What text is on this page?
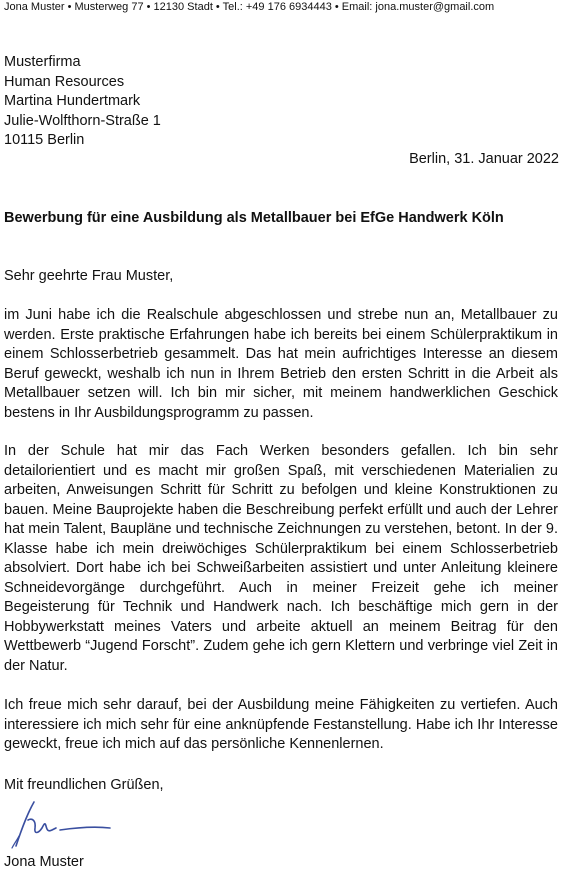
Jona Muster • Musterweg 77 • 12130 Stadt • Tel.: +49 176 6934443 • Email: jona.muster@gmail.com
Musterfirma
Human Resources
Martina Hundertmark
Julie-Wolfthorn-Straße 1
10115 Berlin
Berlin, 31. Januar 2022
Bewerbung für eine Ausbildung als Metallbauer bei EfGe Handwerk Köln
Sehr geehrte Frau Muster,

im Juni habe ich die Realschule abgeschlossen und strebe nun an, Metallbauer zu werden. Erste praktische Erfahrungen habe ich bereits bei einem Schülerpraktikum in einem Schlosserbetrieb gesammelt. Das hat mein aufrichtiges Interesse an diesem Beruf geweckt, weshalb ich nun in Ihrem Betrieb den ersten Schritt in die Arbeit als Metallbauer setzen will. Ich bin mir sicher, mit meinem handwerklichen Geschick bestens in Ihr Ausbildungsprogramm zu passen.

In der Schule hat mir das Fach Werken besonders gefallen. Ich bin sehr detailorientiert und es macht mir großen Spaß, mit verschiedenen Materialien zu arbeiten, Anweisungen Schritt für Schritt zu befolgen und kleine Konstruktionen zu bauen. Meine Bauprojekte haben die Beschreibung perfekt erfüllt und auch der Lehrer hat mein Talent, Baupläne und technische Zeichnungen zu verstehen, betont. In der 9. Klasse habe ich mein dreiwöchiges Schülerpraktikum bei einem Schlosserbetrieb absolviert. Dort habe ich bei Schweißarbeiten assistiert und unter Anleitung kleinere Schneidevorgänge durchgeführt. Auch in meiner Freizeit gehe ich meiner Begeisterung für Technik und Handwerk nach. Ich beschäftige mich gern in der Hobbywerkstatt meines Vaters und arbeite aktuell an meinem Beitrag für den Wettbewerb “Jugend Forscht”. Zudem gehe ich gern Klettern und verbringe viel Zeit in der Natur.

Ich freue mich sehr darauf, bei der Ausbildung meine Fähigkeiten zu vertiefen. Auch interessiere ich mich sehr für eine anknüpfende Festanstellung. Habe ich Ihr Interesse geweckt, freue ich mich auf das persönliche Kennenlernen.

Mit freundlichen Grüßen,
Jona Muster
